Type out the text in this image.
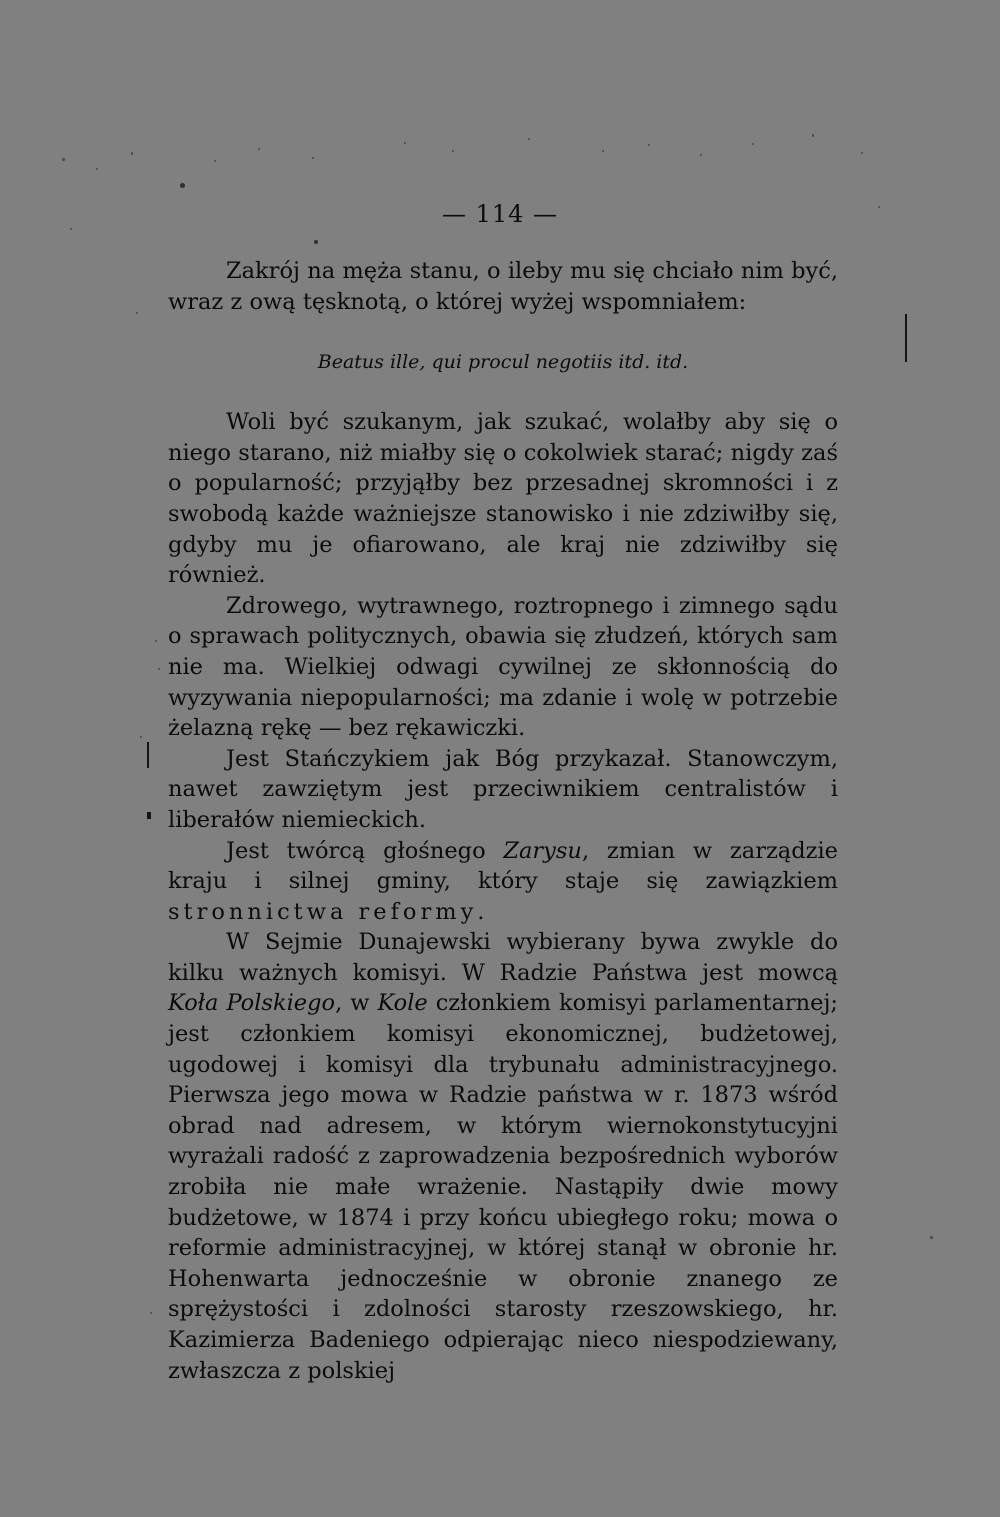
— 114 —

Zakrój na męża stanu, o ileby mu się chciało nim być, wraz z ową tęsknotą, o której wyżej wspomniałem:

Beatus ille, qui procul negotiis itd. itd.

Woli być szukanym, jak szukać, wolałby aby się o niego starano, niż miałby się o cokolwiek starać; nigdy zaś o popularność; przyjąłby bez przesadnej skromności i z swobodą każde ważniejsze stanowisko i nie zdziwiłby się, gdyby mu je ofiarowano, ale kraj nie zdziwiłby się również.

Zdrowego, wytrawnego, roztropnego i zimnego sądu o sprawach politycznych, obawia się złudzeń, których sam nie ma. Wielkiej odwagi cywilnej ze skłonnością do wyzywania niepopularności; ma zdanie i wolę w potrzebie żelazną rękę — bez rękawiczki.

Jest Stańczykiem jak Bóg przykazał. Stanowczym, nawet zawziętym jest przeciwnikiem centralistów i liberałów niemieckich.

Jest twórcą głośnego Zarysu, zmian w zarządzie kraju i silnej gminy, który staje się zawiązkiem stronnictwa reformy.

W Sejmie Dunajewski wybierany bywa zwykle do kilku ważnych komisyi. W Radzie Państwa jest mowcą Koła Polskiego, w Kole członkiem komisyi parlamentarnej; jest członkiem komisyi ekonomicznej, budżetowej, ugodowej i komisyi dla trybunału administracyjnego. Pierwsza jego mowa w Radzie państwa w r. 1873 wśród obrad nad adresem, w którym wiernokonstytucyjni wyrażali radość z zaprowadzenia bezpośrednich wyborów zrobiła nie małe wrażenie. Nastąpiły dwie mowy budżetowe, w 1874 i przy końcu ubiegłego roku; mowa o reformie administracyjnej, w której stanął w obronie hr. Hohenwarta jednocześnie w obronie znanego ze sprężystości i zdolności starosty rzeszowskiego, hr. Kazimierza Badeniego odpierając nieco niespodziewany, zwłaszcza z polskiej
